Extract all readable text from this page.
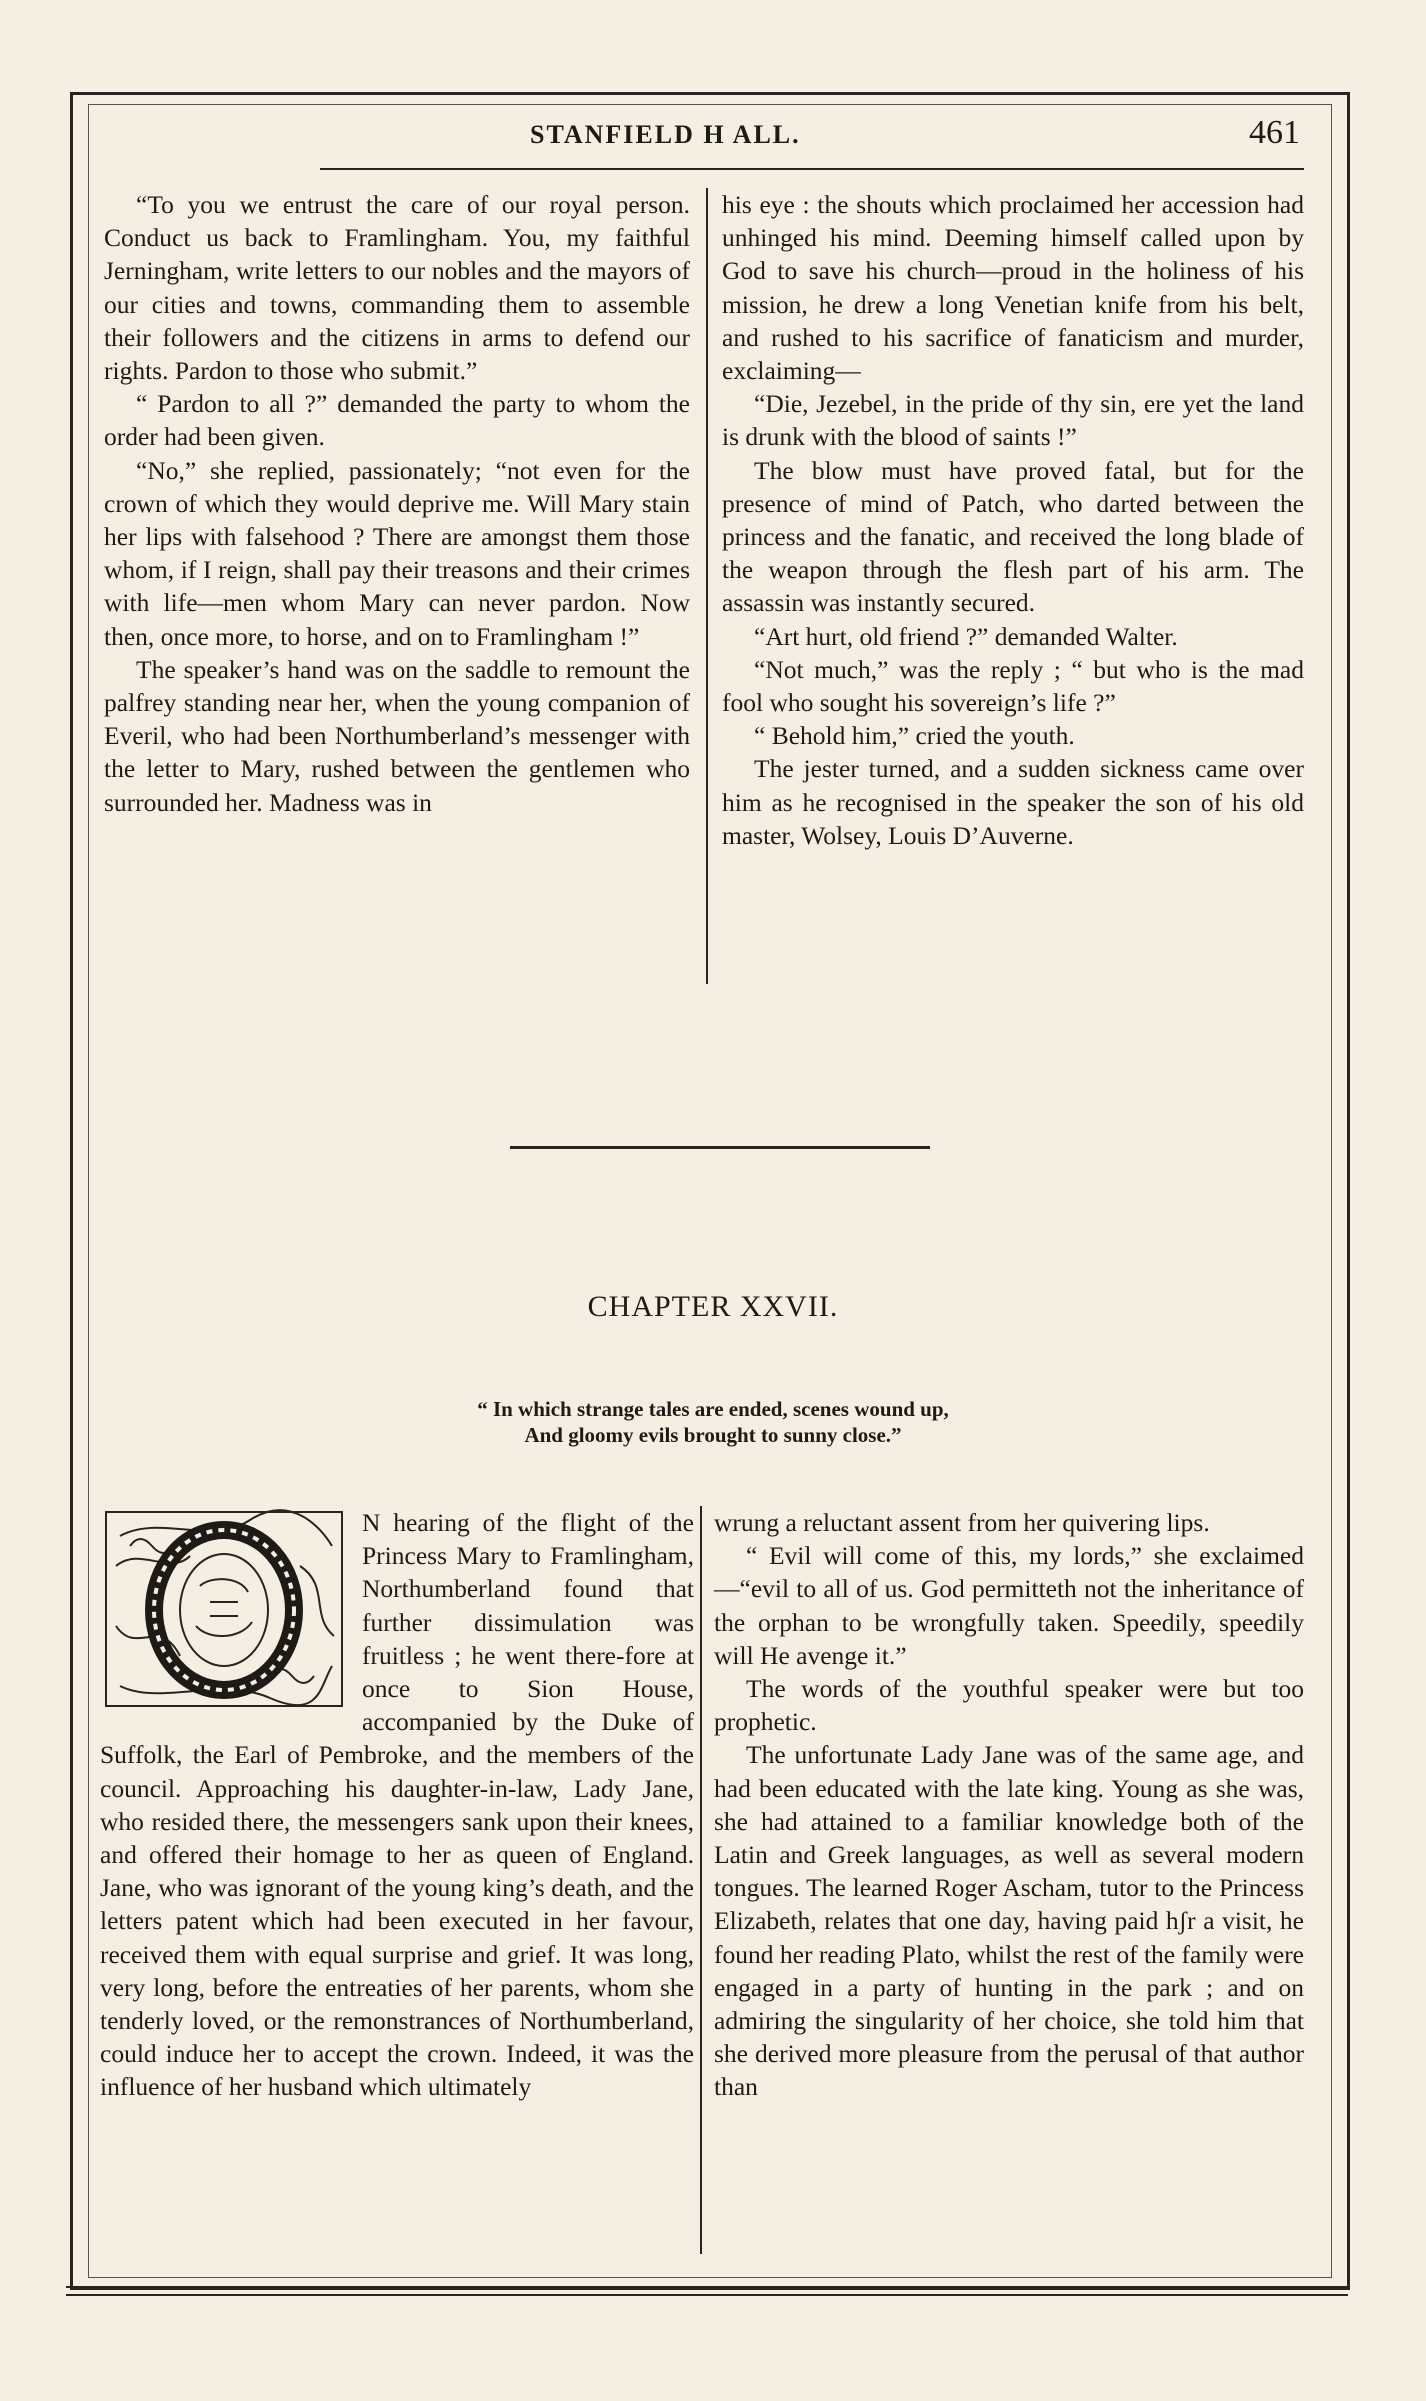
STANFIELD H ALL.	461

“To you we entrust the care of our royal person. Conduct us back to Framlingham. You, my faithful Jerningham, write letters to our nobles and the mayors of our cities and towns, commanding them to assemble their followers and the citizens in arms to defend our rights. Pardon to those who submit.”

“ Pardon to all ?” demanded the party to whom the order had been given.

“No,” she replied, passionately; “not even for the crown of which they would deprive me. Will Mary stain her lips with falsehood ? There are amongst them those whom, if I reign, shall pay their treasons and their crimes with life—men whom Mary can never pardon. Now then, once more, to horse, and on to Framlingham !”

The speaker’s hand was on the saddle to remount the palfrey standing near her, when the young companion of Everil, who had been Northumberland’s messenger with the letter to Mary, rushed between the gentlemen who surrounded her. Madness was in

his eye : the shouts which proclaimed her accession had unhinged his mind. Deeming himself called upon by God to save his church—proud in the holiness of his mission, he drew a long Venetian knife from his belt, and rushed to his sacrifice of fanaticism and murder, exclaiming—

“Die, Jezebel, in the pride of thy sin, ere yet the land is drunk with the blood of saints !”

The blow must have proved fatal, but for the presence of mind of Patch, who darted between the princess and the fanatic, and received the long blade of the weapon through the flesh part of his arm. The assassin was instantly secured.

“Art hurt, old friend ?” demanded Walter.

“Not much,” was the reply ; “ but who is the mad fool who sought his sovereign’s life ?”

“ Behold him,” cried the youth.

The jester turned, and a sudden sickness came over him as he recognised in the speaker the son of his old master, Wolsey, Louis D’Auverne.

CHAPTER XXVII.
“ In which strange tales are ended, scenes wound up,
And gloomy evils brought to sunny close.”

N hearing of the flight of the Princess Mary to Framlingham, Northumberland found that further dissimulation was fruitless ; he went there-fore at once to Sion House, accompanied by the Duke of Suffolk, the Earl of Pembroke, and the members of the council. Approaching his daughter-in-law, Lady Jane, who resided there, the messengers sank upon their knees, and offered their homage to her as queen of England. Jane, who was ignorant of the young king’s death, and the letters patent which had been executed in her favour, received them with equal surprise and grief. It was long, very long, before the entreaties of her parents, whom she tenderly loved, or the remonstrances of Northumberland, could induce her to accept the crown. Indeed, it was the influence of her husband which ultimately

wrung a reluctant assent from her quivering lips.

“ Evil will come of this, my lords,” she exclaimed—“evil to all of us. God permitteth not the inheritance of the orphan to be wrongfully taken. Speedily, speedily will He avenge it.”

The words of the youthful speaker were but too prophetic.

The unfortunate Lady Jane was of the same age, and had been educated with the late king. Young as she was, she had attained to a familiar knowledge both of the Latin and Greek languages, as well as several modern tongues. The learned Roger Ascham, tutor to the Princess Elizabeth, relates that one day, having paid hʃr a visit, he found her reading Plato, whilst the rest of the family were engaged in a party of hunting in the park ; and on admiring the singularity of her choice, she told him that she derived more pleasure from the perusal of that author than
